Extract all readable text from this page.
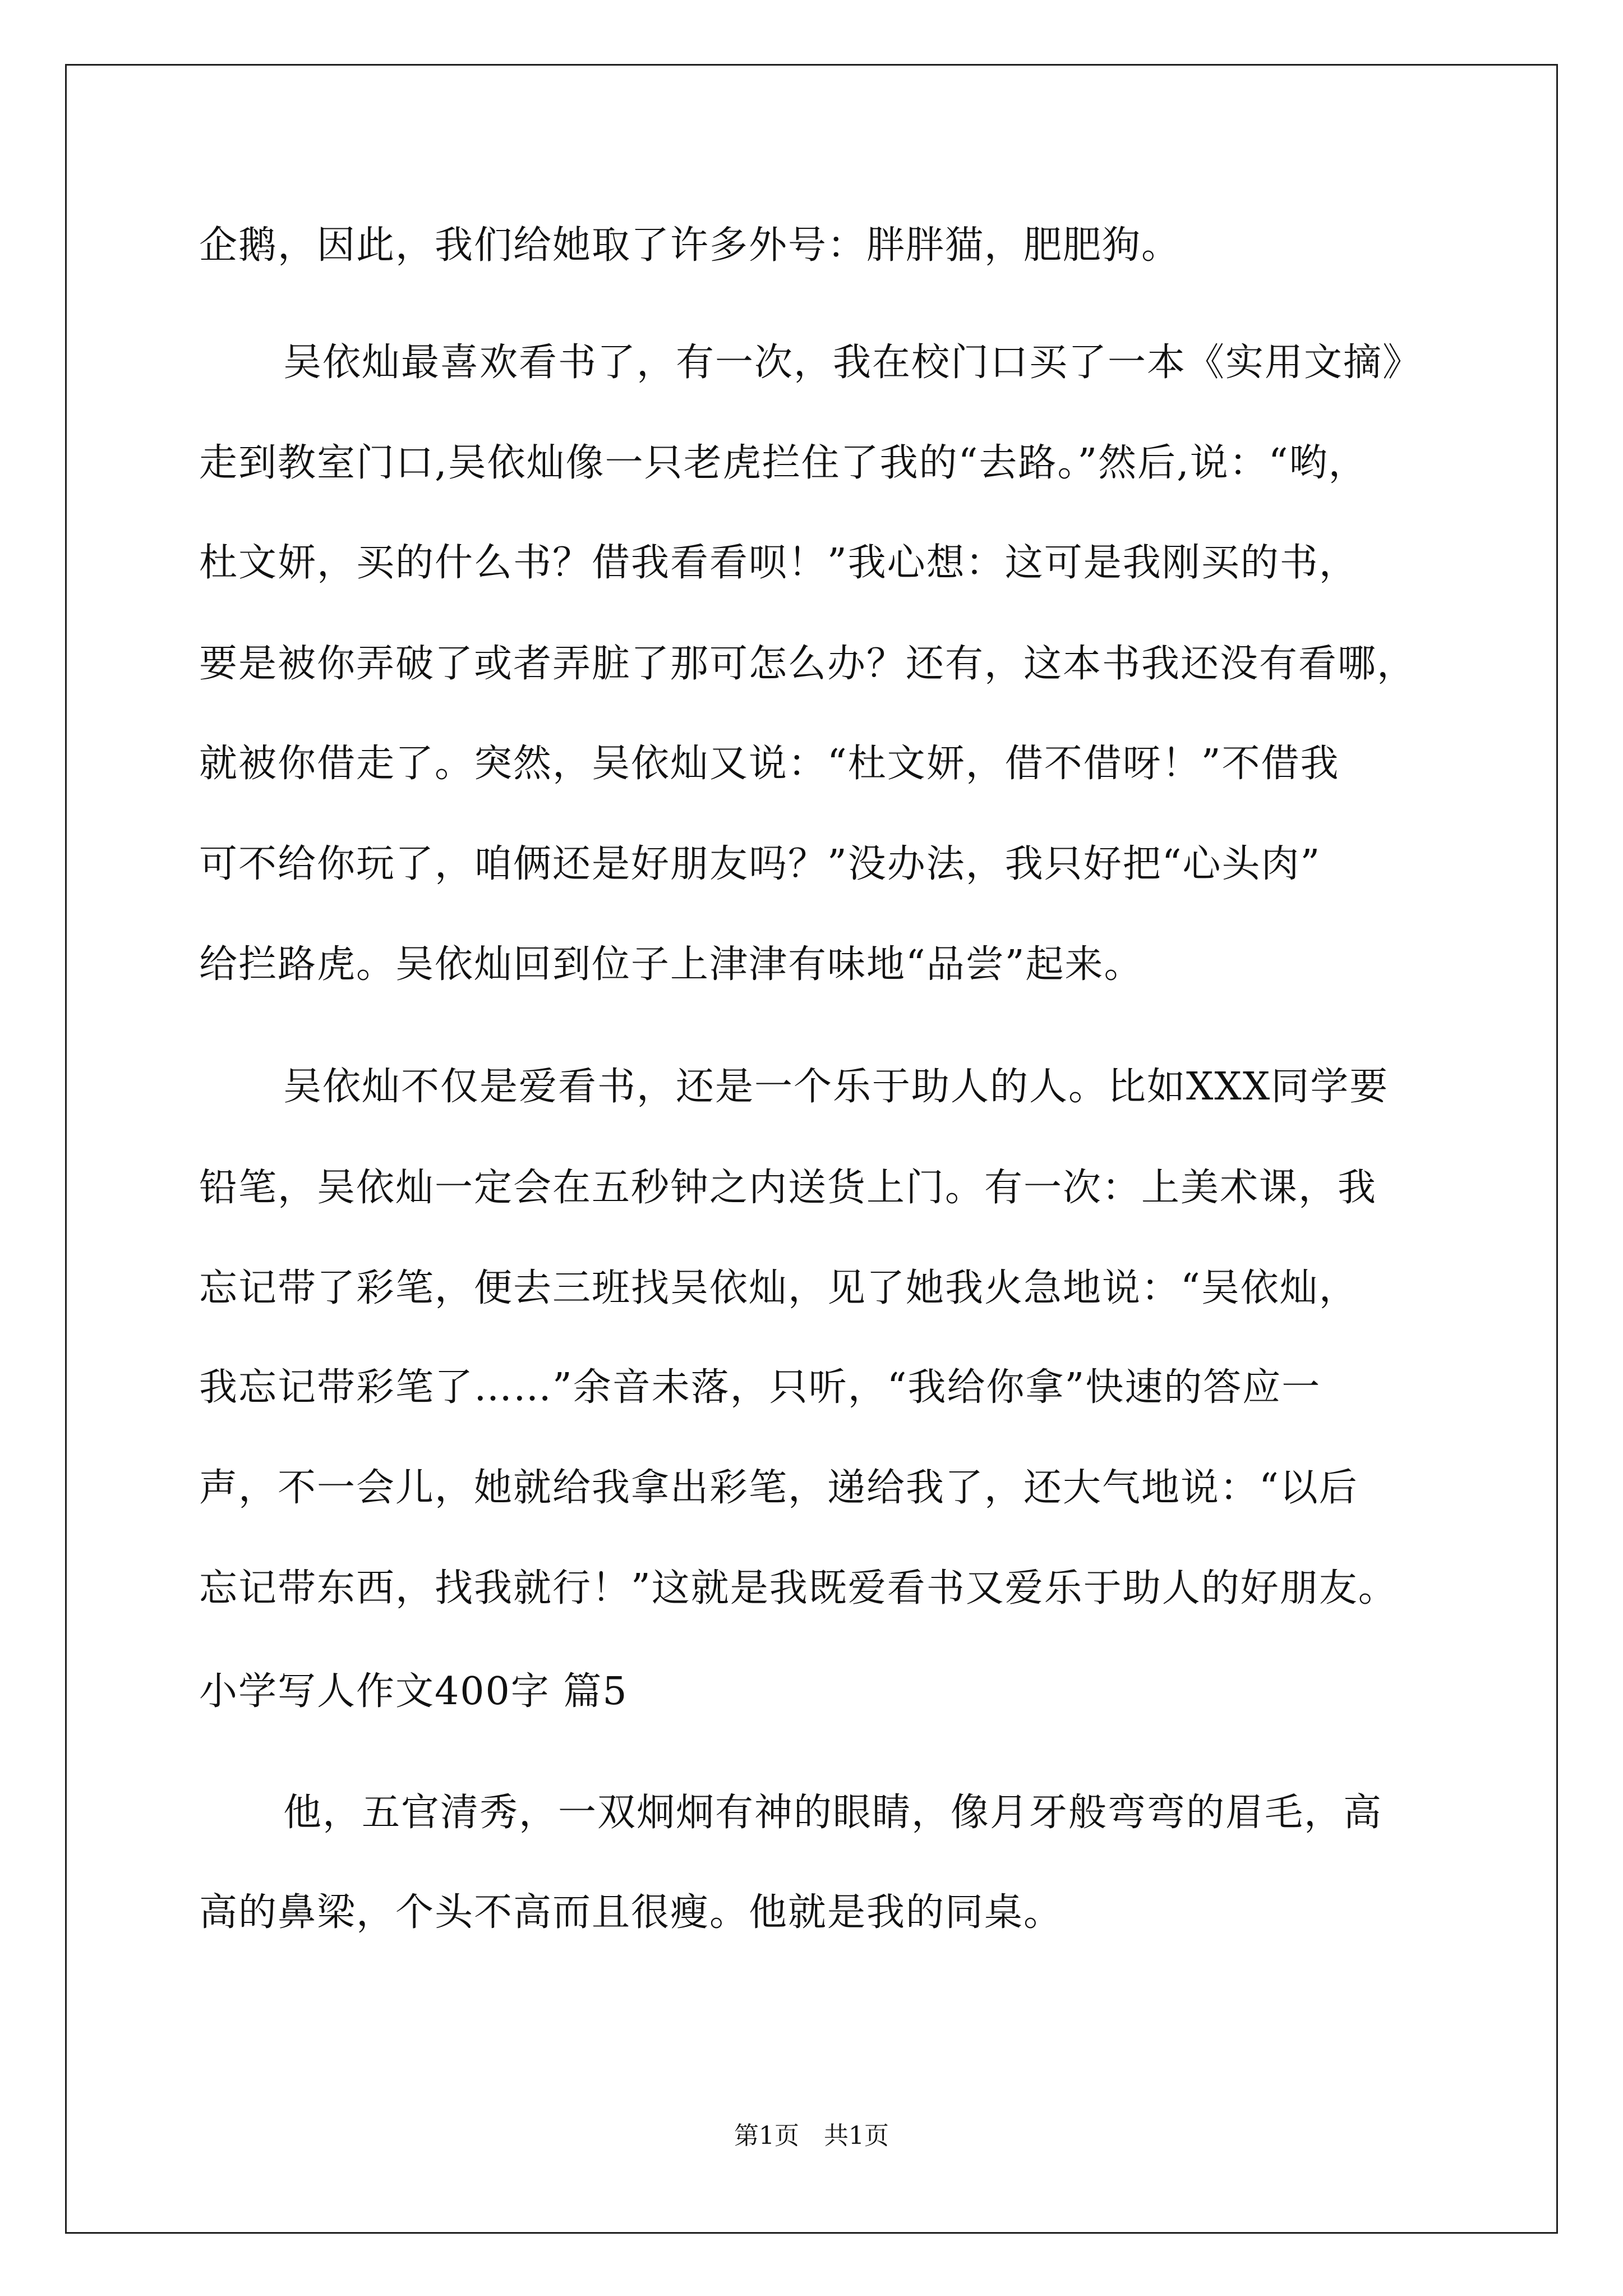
企鹅，因此，我们给她取了许多外号：胖胖猫，肥肥狗。
吴依灿最喜欢看书了，有一次，我在校门口买了一本《实用文摘》
走到教室门口,吴依灿像一只老虎拦住了我的“去路。”然后,说：“哟，
杜文妍，买的什么书？借我看看呗！”我心想：这可是我刚买的书，
要是被你弄破了或者弄脏了那可怎么办？还有，这本书我还没有看哪，
就被你借走了。突然，吴依灿又说：“杜文妍，借不借呀！”不借我
可不给你玩了，咱俩还是好朋友吗？”没办法，我只好把“心头肉”
给拦路虎。吴依灿回到位子上津津有味地“品尝”起来。
吴依灿不仅是爱看书，还是一个乐于助人的人。比如XXX同学要
铅笔，吴依灿一定会在五秒钟之内送货上门。有一次：上美术课，我
忘记带了彩笔，便去三班找吴依灿，见了她我火急地说：“吴依灿，
我忘记带彩笔了……”余音未落，只听，“我给你拿”快速的答应一
声，不一会儿，她就给我拿出彩笔，递给我了，还大气地说：“以后
忘记带东西，找我就行！”这就是我既爱看书又爱乐于助人的好朋友。
小学写人作文400字 篇5
他，五官清秀，一双炯炯有神的眼睛，像月牙般弯弯的眉毛，高
高的鼻梁，个头不高而且很瘦。他就是我的同桌。
第1页　共1页
